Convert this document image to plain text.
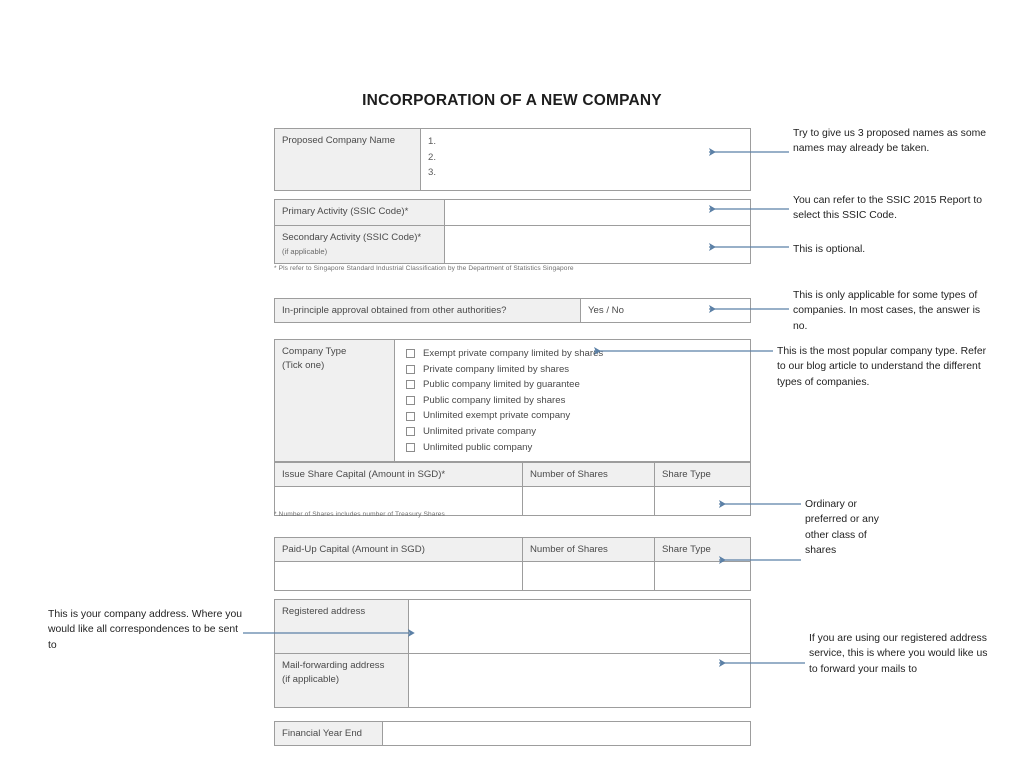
INCORPORATION OF A NEW COMPANY
Proposed Company Name	1.
2.
3.
Primary Activity (SSIC Code)*	

Secondary Activity (SSIC Code)*
(if applicable)	

* Pls refer to Singapore Standard Industrial Classification by the Department of Statistics Singapore
In-principle approval obtained from other authorities?	Yes / No
Company Type
(Tick one)

Exempt private company limited by shares
Private company limited by shares
Public company limited by guarantee
Public company limited by shares
Unlimited exempt private company
Unlimited private company
Unlimited public company
Issue Share Capital (Amount in SGD)*	Number of Shares	Share Type

* Number of Shares includes number of Treasury Shares
Paid-Up Capital (Amount in SGD)	Number of Shares	Share Type

Registered address	

Mail-forwarding address
(if applicable)	

Financial Year End	
Try to give us 3 proposed names as some names may already be taken.
You can refer to the SSIC 2015 Report to select this SSIC Code.
This is optional.
This is only applicable for some types of companies. In most cases, the answer is no.
This is the most popular company type. Refer to our blog article to understand the different types of companies.
Ordinary or preferred or any other class of shares
This is your company address. Where you would like all correspondences to be sent to
If you are using our registered address service, this is where you would like us to forward your mails to
